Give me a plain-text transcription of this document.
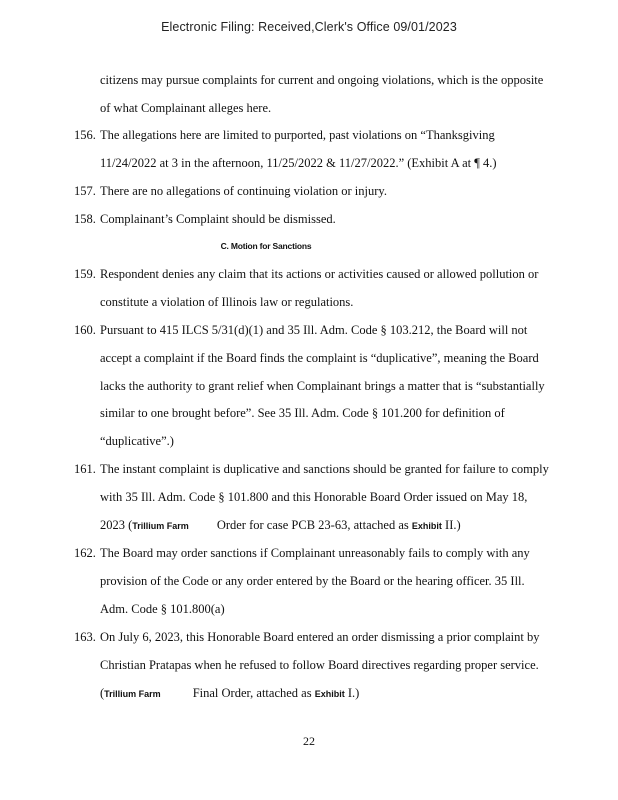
Electronic Filing: Received,Clerk's Office 09/01/2023
citizens may pursue complaints for current and ongoing violations, which is the opposite
of what Complainant alleges here.
156. The allegations here are limited to purported, past violations on “Thanksgiving
11/24/2022 at 3 in the afternoon, 11/25/2022 & 11/27/2022.” (Exhibit A at ¶ 4.)
157. There are no allegations of continuing violation or injury.
158. Complainant’s Complaint should be dismissed.
C. Motion for Sanctions
159. Respondent denies any claim that its actions or activities caused or allowed pollution or
constitute a violation of Illinois law or regulations.
160. Pursuant to 415 ILCS 5/31(d)(1) and 35 Ill. Adm. Code § 103.212, the Board will not
accept a complaint if the Board finds the complaint is “duplicative”, meaning the Board
lacks the authority to grant relief when Complainant brings a matter that is “substantially
similar to one brought before”. See 35 Ill. Adm. Code § 101.200 for definition of
“duplicative”.)
161. The instant complaint is duplicative and sanctions should be granted for failure to comply
with 35 Ill. Adm. Code § 101.800 and this Honorable Board Order issued on May 18,
2023 (Trillium Farm Order for case PCB 23-63, attached as Exhibit II.)
162. The Board may order sanctions if Complainant unreasonably fails to comply with any
provision of the Code or any order entered by the Board or the hearing officer. 35 Ill.
Adm. Code § 101.800(a)
163. On July 6, 2023, this Honorable Board entered an order dismissing a prior complaint by
Christian Pratapas when he refused to follow Board directives regarding proper service.
(Trillium Farm	Final Order, attached as Exhibit I.)
22
